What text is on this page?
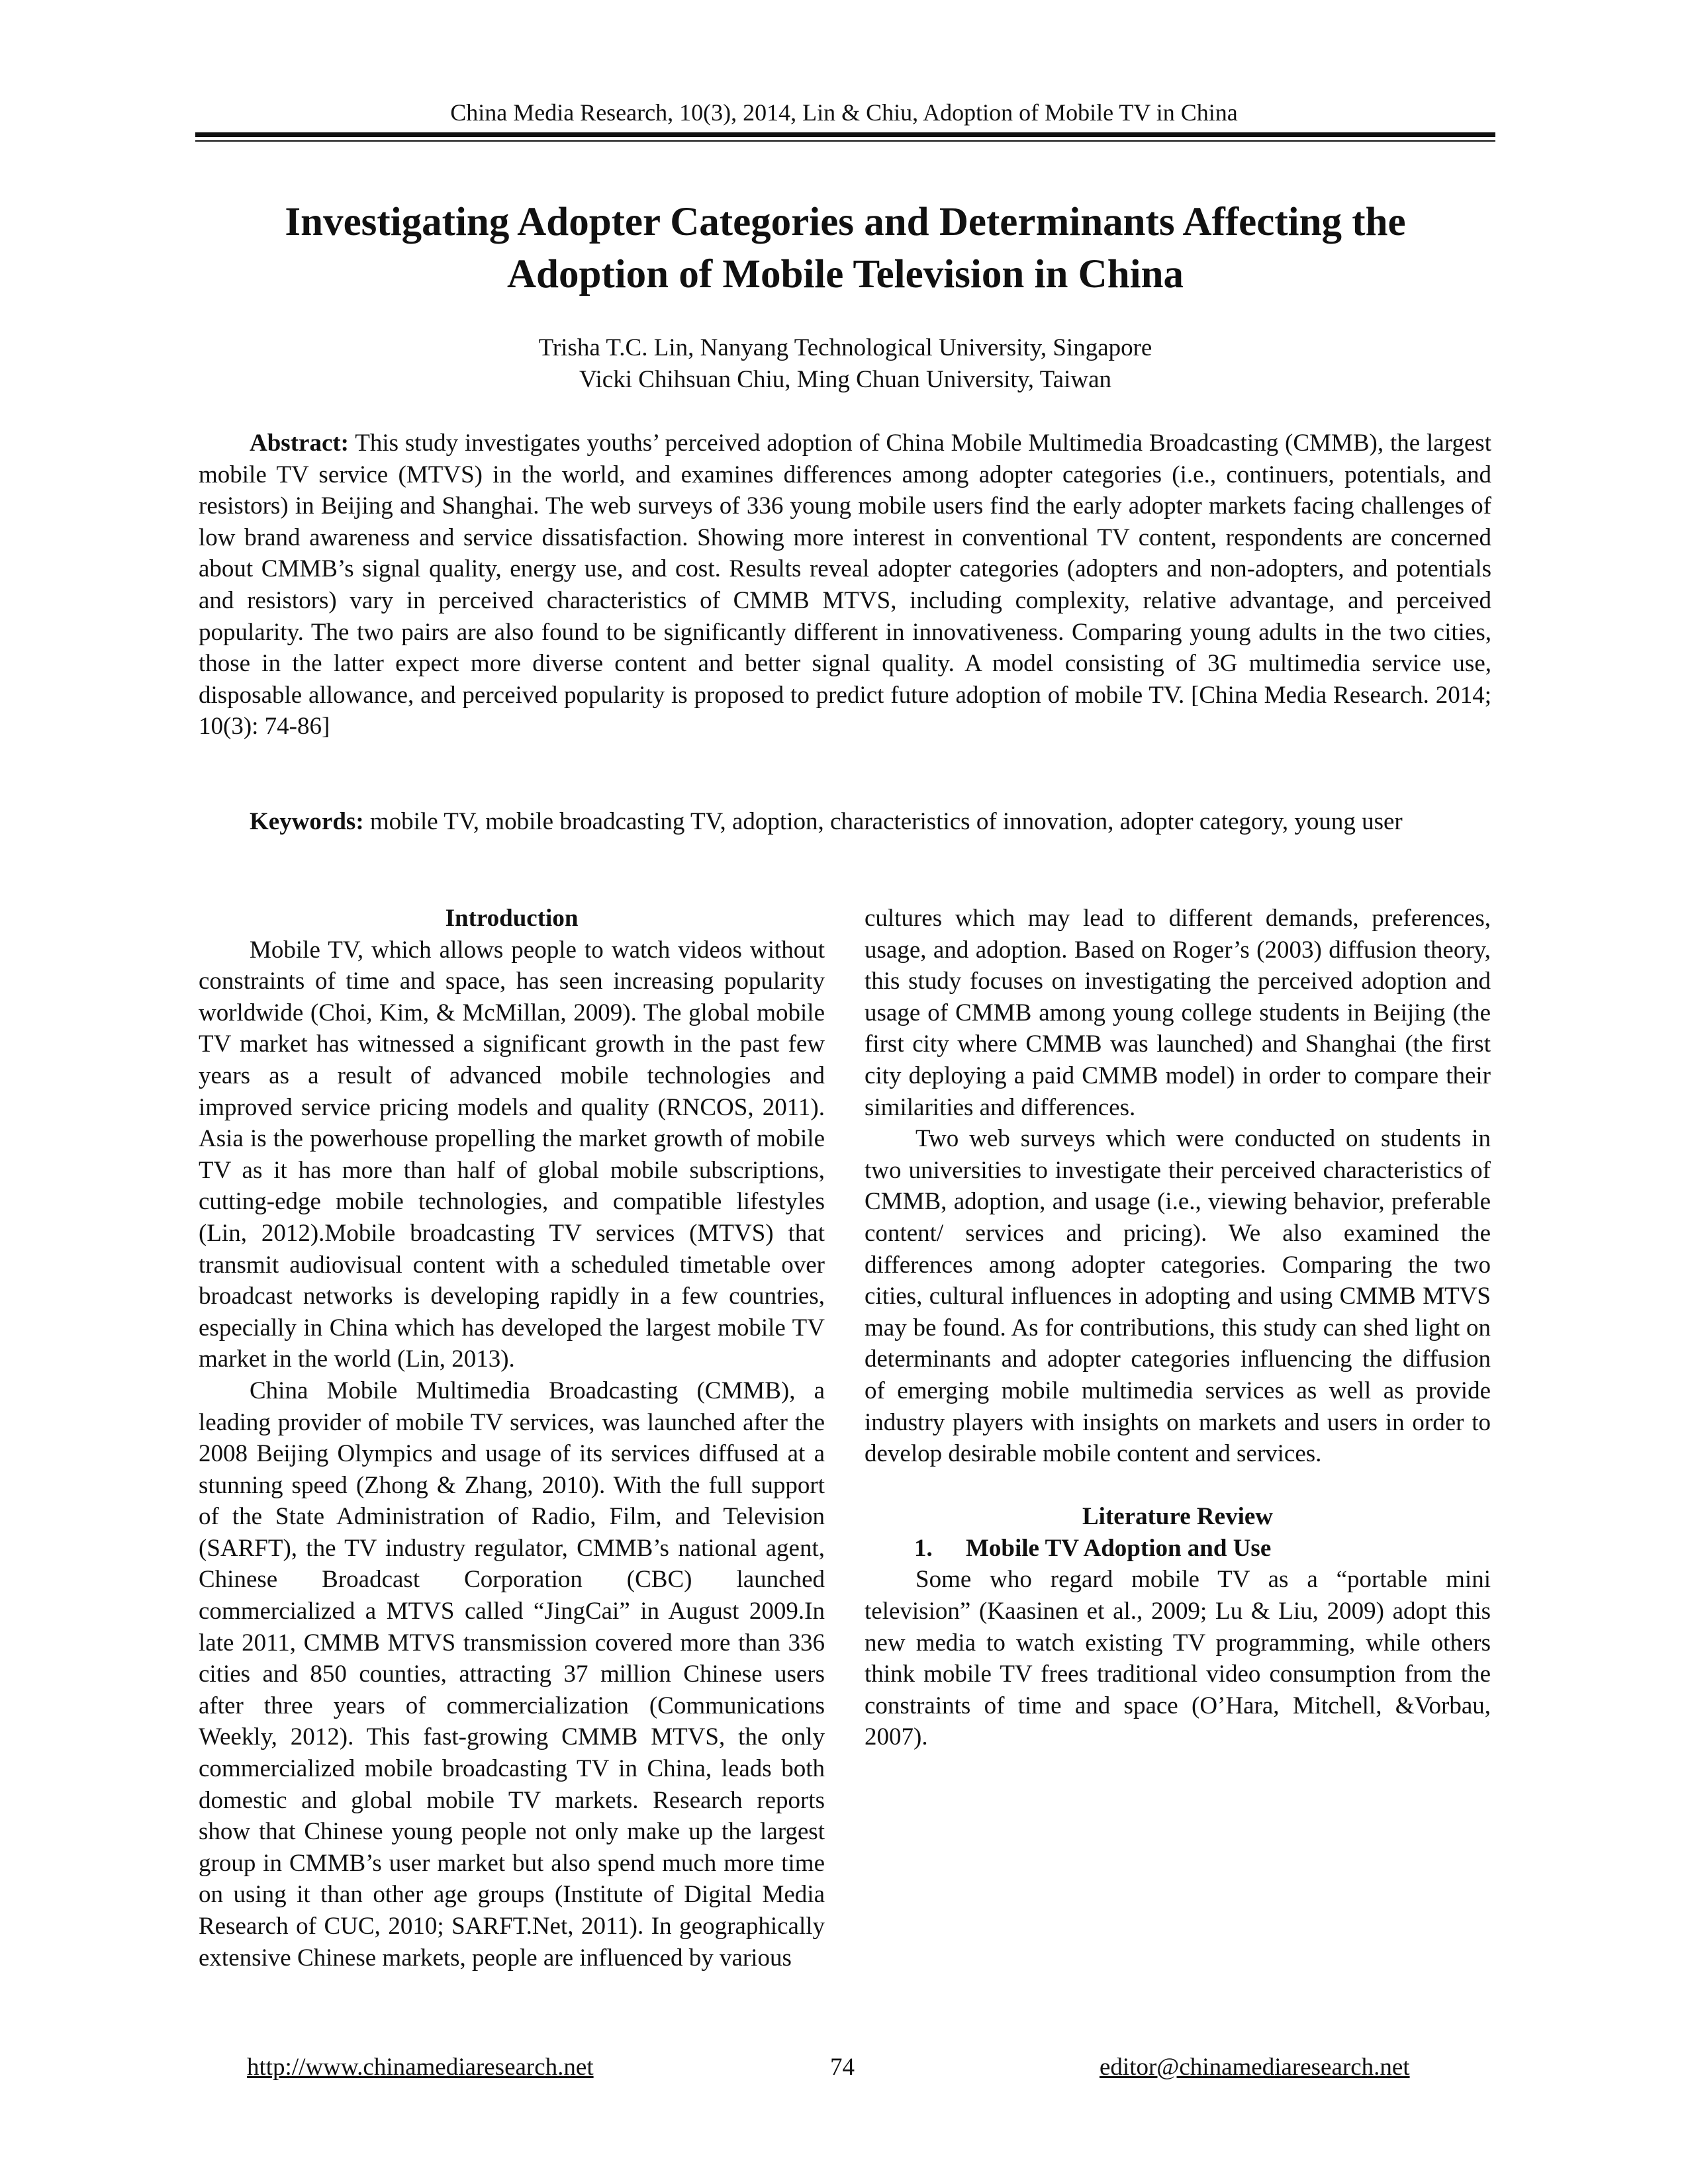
China Media Research, 10(3), 2014, Lin & Chiu, Adoption of Mobile TV in China
Investigating Adopter Categories and Determinants Affecting the
Adoption of Mobile Television in China
Trisha T.C. Lin, Nanyang Technological University, Singapore
Vicki Chihsuan Chiu, Ming Chuan University, Taiwan

Abstract: This study investigates youths’ perceived adoption of China Mobile Multimedia Broadcasting (CMMB), the largest mobile TV service (MTVS) in the world, and examines differences among adopter categories (i.e., continuers, potentials, and resistors) in Beijing and Shanghai. The web surveys of 336 young mobile users find the early adopter markets facing challenges of low brand awareness and service dissatisfaction. Showing more interest in conventional TV content, respondents are concerned about CMMB’s signal quality, energy use, and cost. Results reveal adopter categories (adopters and non-adopters, and potentials and resistors) vary in perceived characteristics of CMMB MTVS, including complexity, relative advantage, and perceived popularity. The two pairs are also found to be significantly different in innovativeness. Comparing young adults in the two cities, those in the latter expect more diverse content and better signal quality. A model consisting of 3G multimedia service use, disposable allowance, and perceived popularity is proposed to predict future adoption of mobile TV. [China Media Research. 2014; 10(3): 74-86]

Keywords: mobile TV, mobile broadcasting TV, adoption, characteristics of innovation, adopter category, young user

Introduction

Mobile TV, which allows people to watch videos without constraints of time and space, has seen increasing popularity worldwide (Choi, Kim, & McMillan, 2009). The global mobile TV market has witnessed a significant growth in the past few years as a result of advanced mobile technologies and improved service pricing models and quality (RNCOS, 2011). Asia is the powerhouse propelling the market growth of mobile TV as it has more than half of global mobile subscriptions, cutting-edge mobile technologies, and compatible lifestyles (Lin, 2012).Mobile broadcasting TV services (MTVS) that transmit audiovisual content with a scheduled timetable over broadcast networks is developing rapidly in a few countries, especially in China which has developed the largest mobile TV market in the world (Lin, 2013).

China Mobile Multimedia Broadcasting (CMMB), a leading provider of mobile TV services, was launched after the 2008 Beijing Olympics and usage of its services diffused at a stunning speed (Zhong & Zhang, 2010). With the full support of the State Administration of Radio, Film, and Television (SARFT), the TV industry regulator, CMMB’s national agent, Chinese Broadcast Corporation (CBC) launched commercialized a MTVS called “JingCai” in August 2009.In late 2011, CMMB MTVS transmission covered more than 336 cities and 850 counties, attracting 37 million Chinese users after three years of commercialization (Communications Weekly, 2012). This fast-growing CMMB MTVS, the only commercialized mobile broadcasting TV in China, leads both domestic and global mobile TV markets. Research reports show that Chinese young people not only make up the largest group in CMMB’s user market but also spend much more time on using it than other age groups (Institute of Digital Media Research of CUC, 2010; SARFT.Net, 2011). In geographically extensive Chinese markets, people are influenced by various

cultures which may lead to different demands, preferences, usage, and adoption. Based on Roger’s (2003) diffusion theory, this study focuses on investigating the perceived adoption and usage of CMMB among young college students in Beijing (the first city where CMMB was launched) and Shanghai (the first city deploying a paid CMMB model) in order to compare their similarities and differences.

Two web surveys which were conducted on students in two universities to investigate their perceived characteristics of CMMB, adoption, and usage (i.e., viewing behavior, preferable content/ services and pricing). We also examined the differences among adopter categories. Comparing the two cities, cultural influences in adopting and using CMMB MTVS may be found. As for contributions, this study can shed light on determinants and adopter categories influencing the diffusion of emerging mobile multimedia services as well as provide industry players with insights on markets and users in order to develop desirable mobile content and services.

Literature Review
1. Mobile TV Adoption and Use

Some who regard mobile TV as a “portable mini television” (Kaasinen et al., 2009; Lu & Liu, 2009) adopt this new media to watch existing TV programming, while others think mobile TV frees traditional video consumption from the constraints of time and space (O’Hara, Mitchell, &Vorbau, 2007).

http://www.chinamediaresearch.net	74	editor@chinamediaresearch.net
